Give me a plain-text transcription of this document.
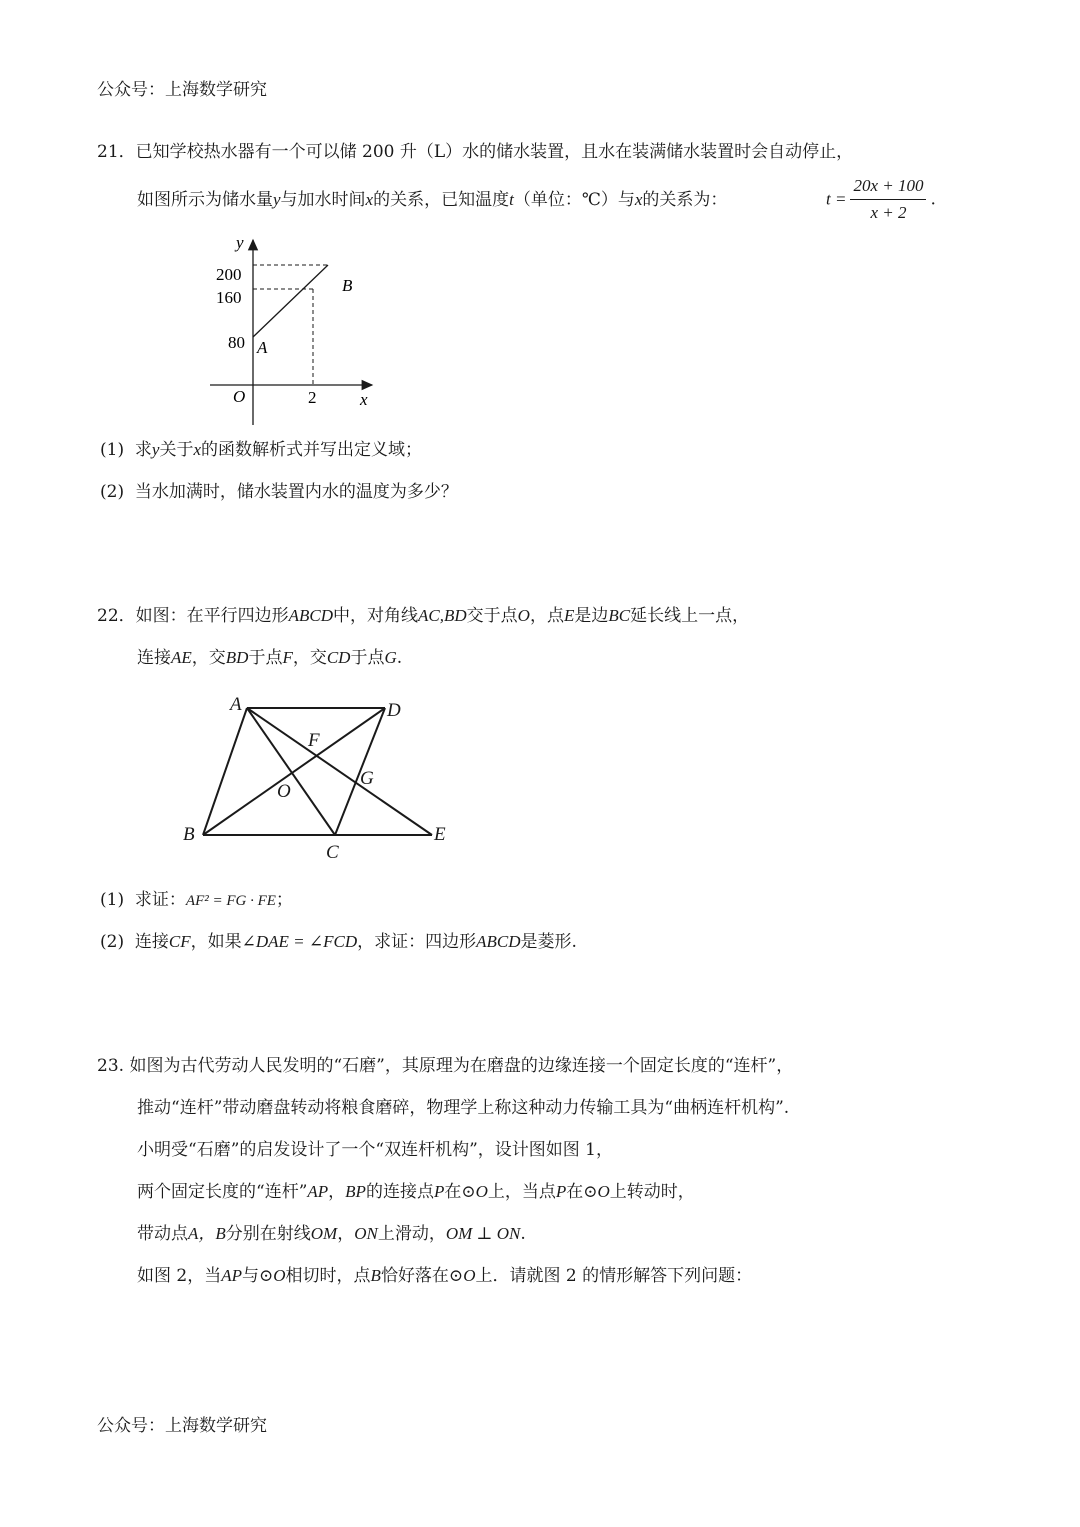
公众号：上海数学研究
21．已知学校热水器有一个可以储 200 升（L）水的储水装置，且水在装满储水装置时会自动停止，
如图所示为储水量y与加水时间x的关系，已知温度t（单位：℃）与x的关系为：	$t = \frac{20x + 100}{x + 2}$ .
y
x
O
200
160
80
2
A
B
(1) 求y关于x的函数解析式并写出定义域；
(2) 当水加满时，储水装置内水的温度为多少？
22．如图：在平行四边形ABCD中，对角线AC,BD交于点O，点E是边BC延长线上一点，
连接AE，交BD于点F，交CD于点G.
A	D
F
G
O
B
C
E
(1) 求证：AF² = FG · FE；
(2) 连接CF，如果∠DAE = ∠FCD，求证：四边形ABCD是菱形.
23. 如图为古代劳动人民发明的“石磨”，其原理为在磨盘的边缘连接一个固定长度的“连杆”，
推动“连杆”带动磨盘转动将粮食磨碎，物理学上称这种动力传输工具为“曲柄连杆机构”.
小明受“石磨”的启发设计了一个“双连杆机构”，设计图如图 1，
两个固定长度的“连杆”AP，BP的连接点P在⊙O上，当点P在⊙O上转动时，
带动点A，B分别在射线OM，ON上滑动，OM ⊥ ON.
如图 2，当AP与⊙O相切时，点B恰好落在⊙O上．请就图 2 的情形解答下列问题：
公众号：上海数学研究
